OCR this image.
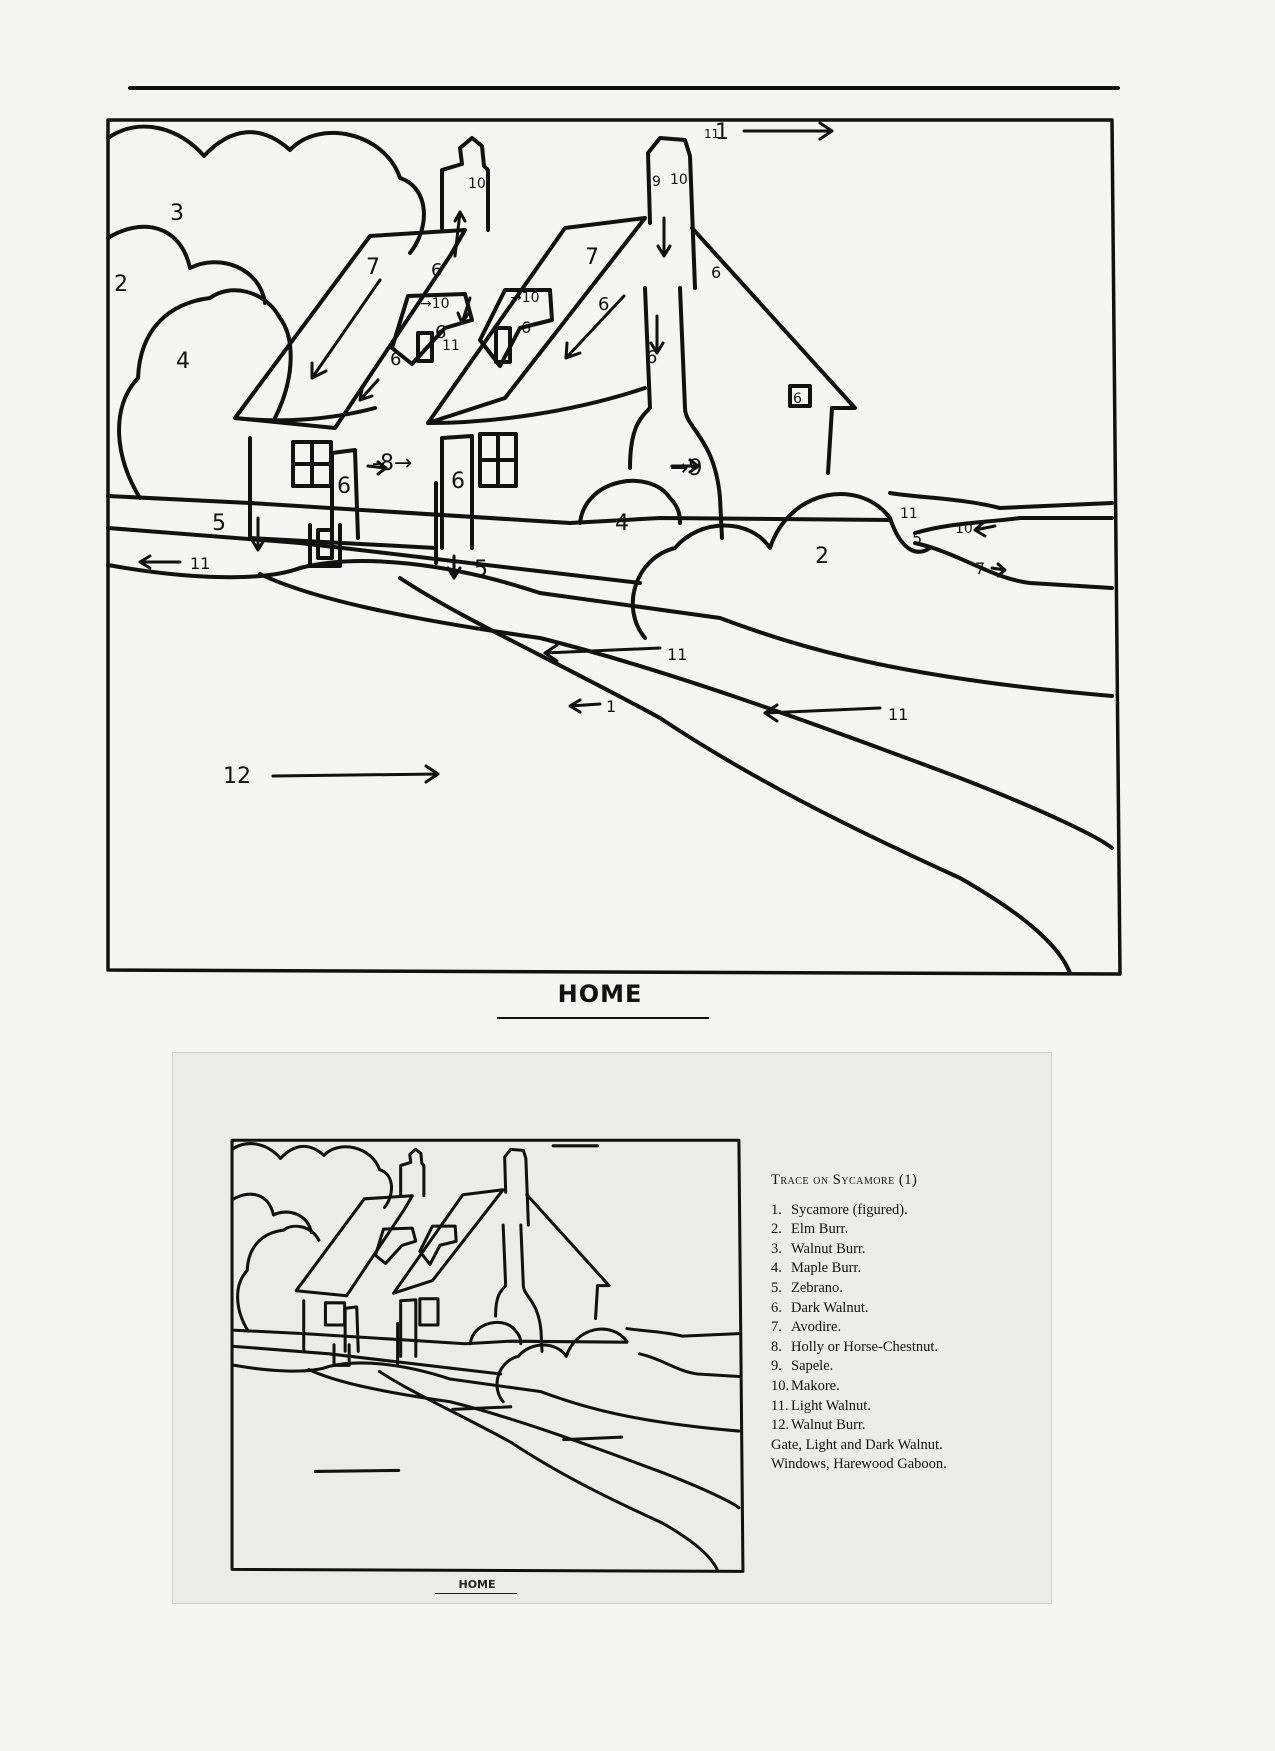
1
1
2
2
3
4
4
5
5
5
6
6
6	6
6
6
6
6	6
6
7	7
7
-8→	→9
9
10
→10	→10
10
10
11
11
11
11
11
11
12
HOME
Trace on Sycamore (1)
1. Sycamore (figured).
2. Elm Burr.
3. Walnut Burr.
4. Maple Burr.
5. Zebrano.
6. Dark Walnut.
7. Avodire.
8. Holly or Horse-Chestnut.
9. Sapele.
10. Makore.
11. Light Walnut.
12. Walnut Burr.
Gate, Light and Dark Walnut.
Windows, Harewood Gaboon.
HOME
